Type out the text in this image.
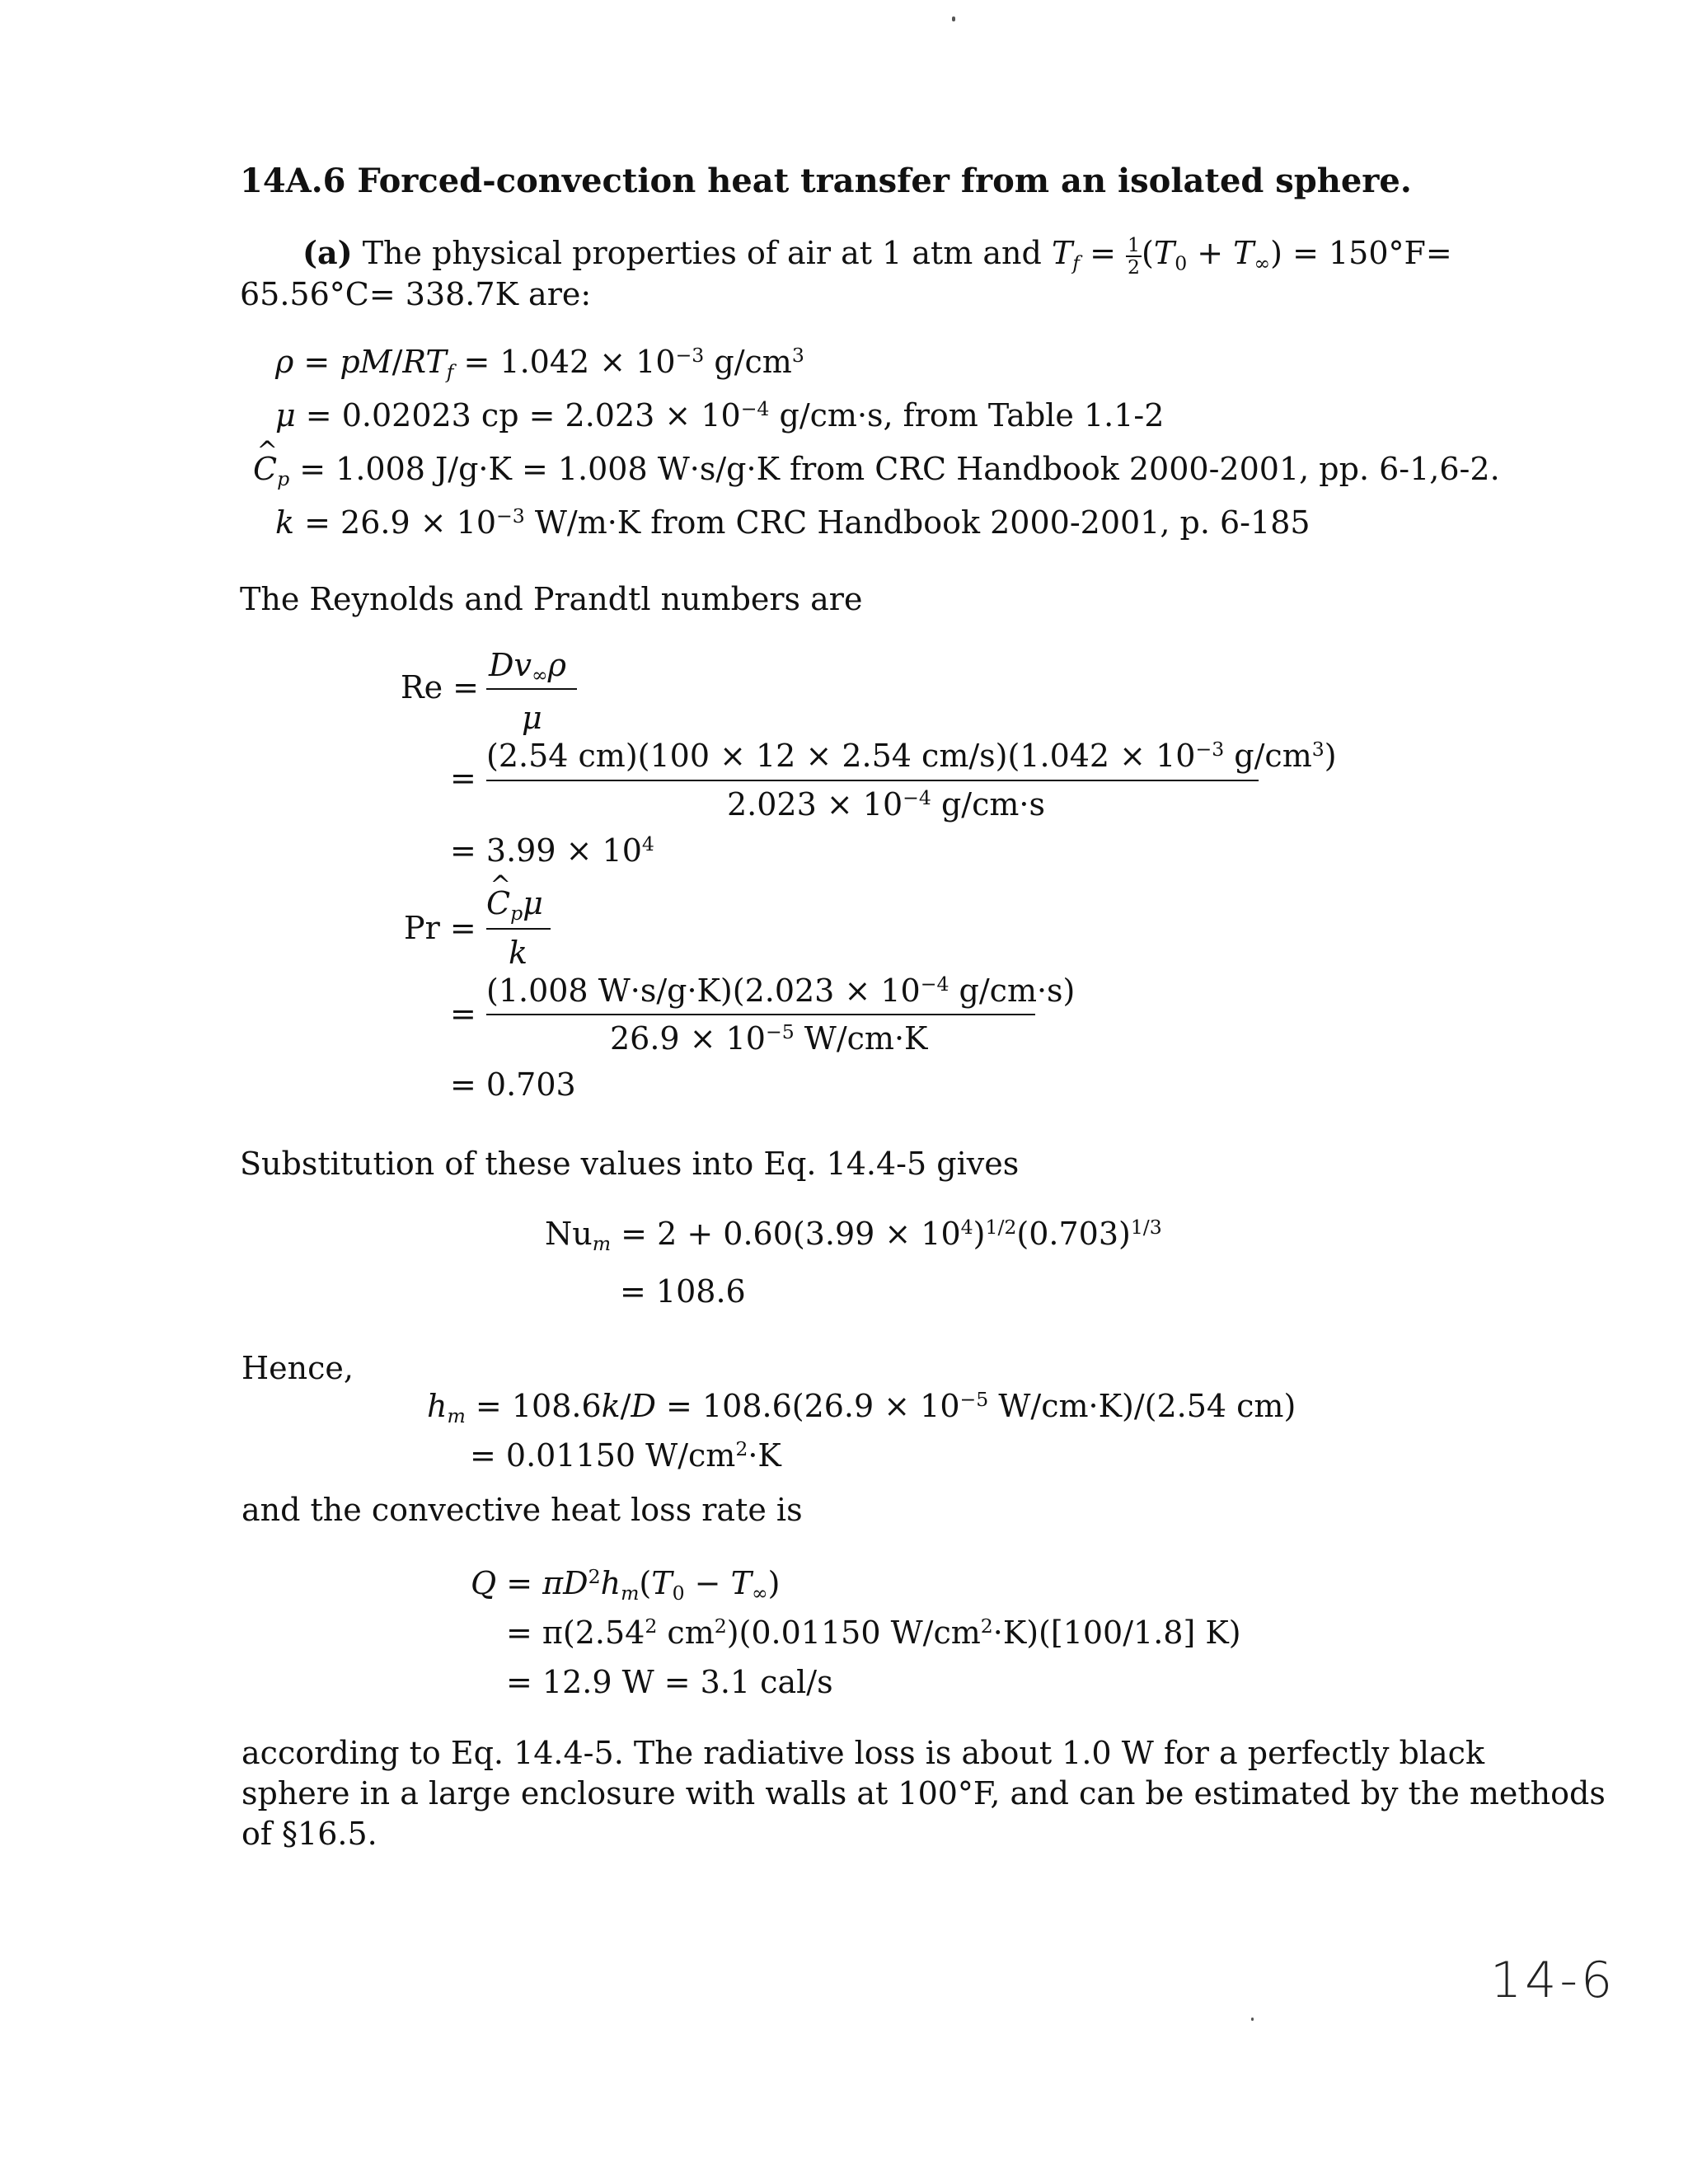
14A.6 Forced-convection heat transfer from an isolated sphere.
(a) The physical properties of air at 1 atm and $T_f = \frac{1}{2} (T_0 + T_\infty) = 150^\circ F=$
65.56°C= 338.7K are:
$\rho = pM/RT_f = 1.042 \times 10^{-3}$ $g/cm^3$
μ = 0.02023 cp = $2.023 \times 10^{-4}$ g/cm·s, from Table 1.1-2
^ $C_p = 1.008$ J/g·K = 1.008 W·s/g·K from CRC Handbook 2000-2001, pp. 6-1,6-2.
$k = 26.9 \times 10^{-3}$ W/m·K from CRC Handbook 2000-2001, p. 6-185
The Reynolds and Prandtl numbers are
Re =
$Dv_\infty\rho$
μ
=
(2.54 cm)(100 × 12 × 2.54 $cm/s)(1.042 \times 10^{-3}$ $g/cm^3$)
$2.023 \times 10^{-4}$ g/cm·s
= $3.99 \times 10^4$
Pr =
^ $C_p\mu$
k
=
(1.008 $W\cdot s/g\cdot K)(2.023 \times 10^{-4}$ g/cm·s)
$26.9 \times 10^{-5}$ W/cm·K
= 0.703
Substitution of these values into Eq. 14.4-5 gives
$Nu_m = 2 + 0.60(3.99 \times 10^4)^{1/2}(0.703)^{1/3}$
= 108.6
Hence,
$h_m = 108.6k/D = 108.6(26.9 \times 10^{-5}$ W/cm·K)/(2.54 cm)
= 0.01150 $W/cm^2\cdot K$
and the convective heat loss rate is
$Q = \pi D^2h_m(T_0 - T_\infty)$
= $\pi(2.54^2$ $cm^2)(0.01150$ $W/cm^2\cdot K)([100/1.8]$ K)
= 12.9 W = 3.1 cal/s
according to Eq. 14.4-5. The radiative loss is about 1.0 W for a perfectly black
sphere in a large enclosure with walls at 100°F, and can be estimated by the methods
of §16.5.
14-6
